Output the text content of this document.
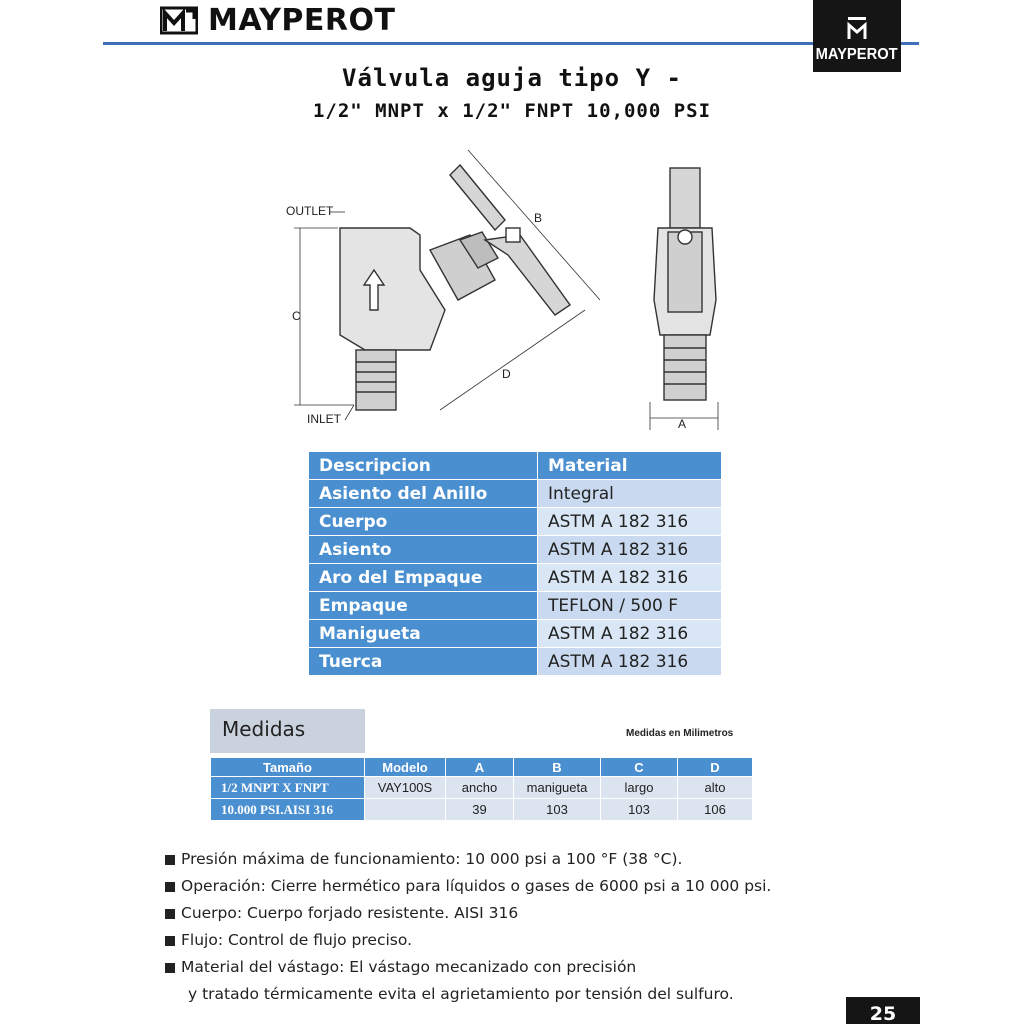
MAYPEROT
MAYPEROT
Válvula aguja tipo Y -
1/2" MNPT x 1/2" FNPT 10,000 PSI
OUTLET
INLET
C
B
D
A
Descripcion	Material
Asiento del Anillo	Integral
Cuerpo	ASTM A 182 316
Asiento	ASTM A 182 316
Aro del Empaque	ASTM A 182 316
Empaque	TEFLON / 500 F
Manigueta	ASTM A 182 316
Tuerca	ASTM A 182 316
Medidas	Medidas en Milimetros
Tamaño	Modelo	A	B	C	D
1/2 MNPT X FNPT	VAY100S	ancho	manigueta	largo	alto
10.000 PSI.AISI 316		39	103	103	106
Presión máxima de funcionamiento: 10 000 psi a 100 °F (38 °C).
Operación: Cierre hermético para líquidos o gases de 6000 psi a 10 000 psi.
Cuerpo: Cuerpo forjado resistente. AISI 316
Flujo: Control de flujo preciso.
Material del vástago: El vástago mecanizado con precisión
y tratado térmicamente evita el agrietamiento por tensión del sulfuro.
25
